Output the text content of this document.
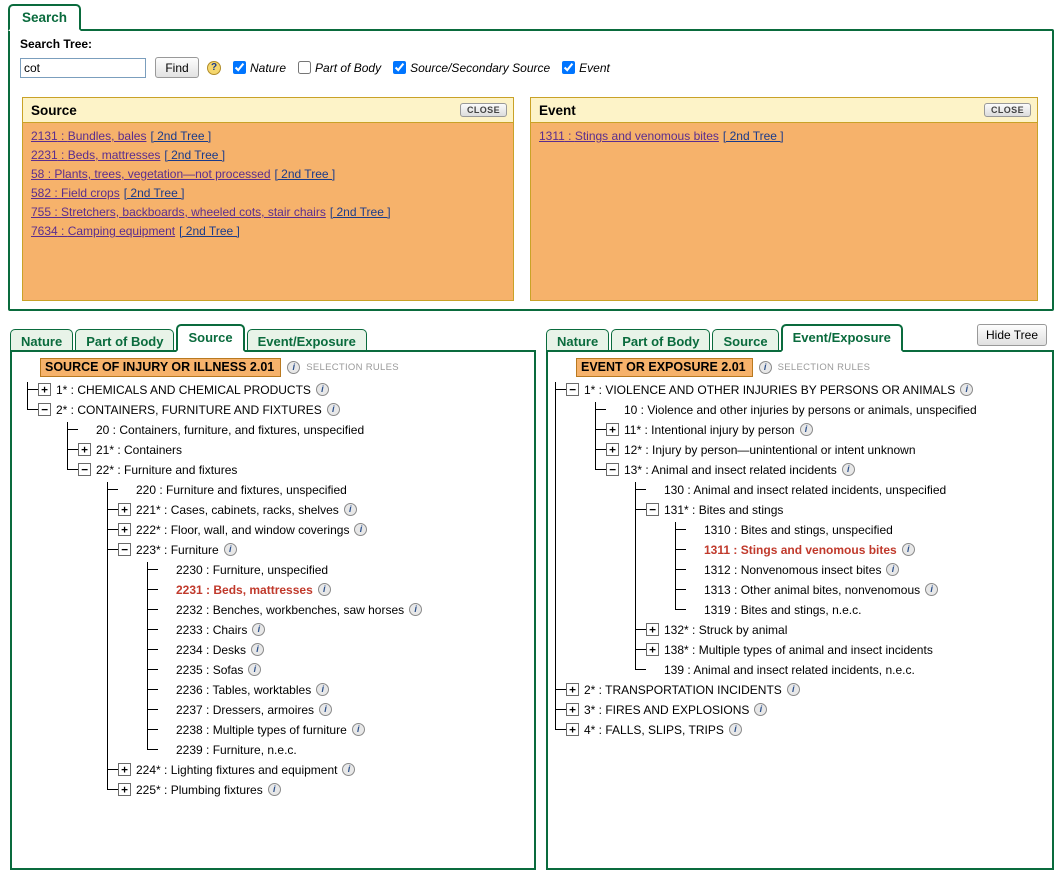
Search
Search Tree:
cot
Find	?	Nature Part of Body Source/Secondary Source Event
Source	CLOSE
2131 : Bundles, bales [ 2nd Tree ]
2231 : Beds, mattresses [ 2nd Tree ]
58 : Plants, trees, vegetation—not processed [ 2nd Tree ]
582 : Field crops [ 2nd Tree ]
755 : Stretchers, backboards, wheeled cots, stair chairs [ 2nd Tree ]
7634 : Camping equipment [ 2nd Tree ]
Event	CLOSE
1311 : Stings and venomous bites [ 2nd Tree ]
Nature	Part of Body	Source	Event/Exposure	Nature	Part of Body	Source	Event/Exposure	Hide Tree
SOURCE OF INJURY OR ILLNESS 2.01	i	SELECTION RULES
+ 1* : CHEMICALS AND CHEMICAL PRODUCTS i
− 2* : CONTAINERS, FURNITURE AND FIXTURES i
20 : Containers, furniture, and fixtures, unspecified
+ 21* : Containers
− 22* : Furniture and fixtures
220 : Furniture and fixtures, unspecified
+ 221* : Cases, cabinets, racks, shelves i
+ 222* : Floor, wall, and window coverings i
− 223* : Furniture i
2230 : Furniture, unspecified
2231 : Beds, mattresses i
2232 : Benches, workbenches, saw horses i
2233 : Chairs i
2234 : Desks i
2235 : Sofas i
2236 : Tables, worktables i
2237 : Dressers, armoires i
2238 : Multiple types of furniture i
2239 : Furniture, n.e.c.
+ 224* : Lighting fixtures and equipment i
+ 225* : Plumbing fixtures i
EVENT OR EXPOSURE 2.01	i	SELECTION RULES
− 1* : VIOLENCE AND OTHER INJURIES BY PERSONS OR ANIMALS i
10 : Violence and other injuries by persons or animals, unspecified
+ 11* : Intentional injury by person i
+ 12* : Injury by person—unintentional or intent unknown
− 13* : Animal and insect related incidents i
130 : Animal and insect related incidents, unspecified
− 131* : Bites and stings
1310 : Bites and stings, unspecified
1311 : Stings and venomous bites i
1312 : Nonvenomous insect bites i
1313 : Other animal bites, nonvenomous i
1319 : Bites and stings, n.e.c.
+ 132* : Struck by animal
+ 138* : Multiple types of animal and insect incidents
139 : Animal and insect related incidents, n.e.c.
+ 2* : TRANSPORTATION INCIDENTS i
+ 3* : FIRES AND EXPLOSIONS i
+ 4* : FALLS, SLIPS, TRIPS i
